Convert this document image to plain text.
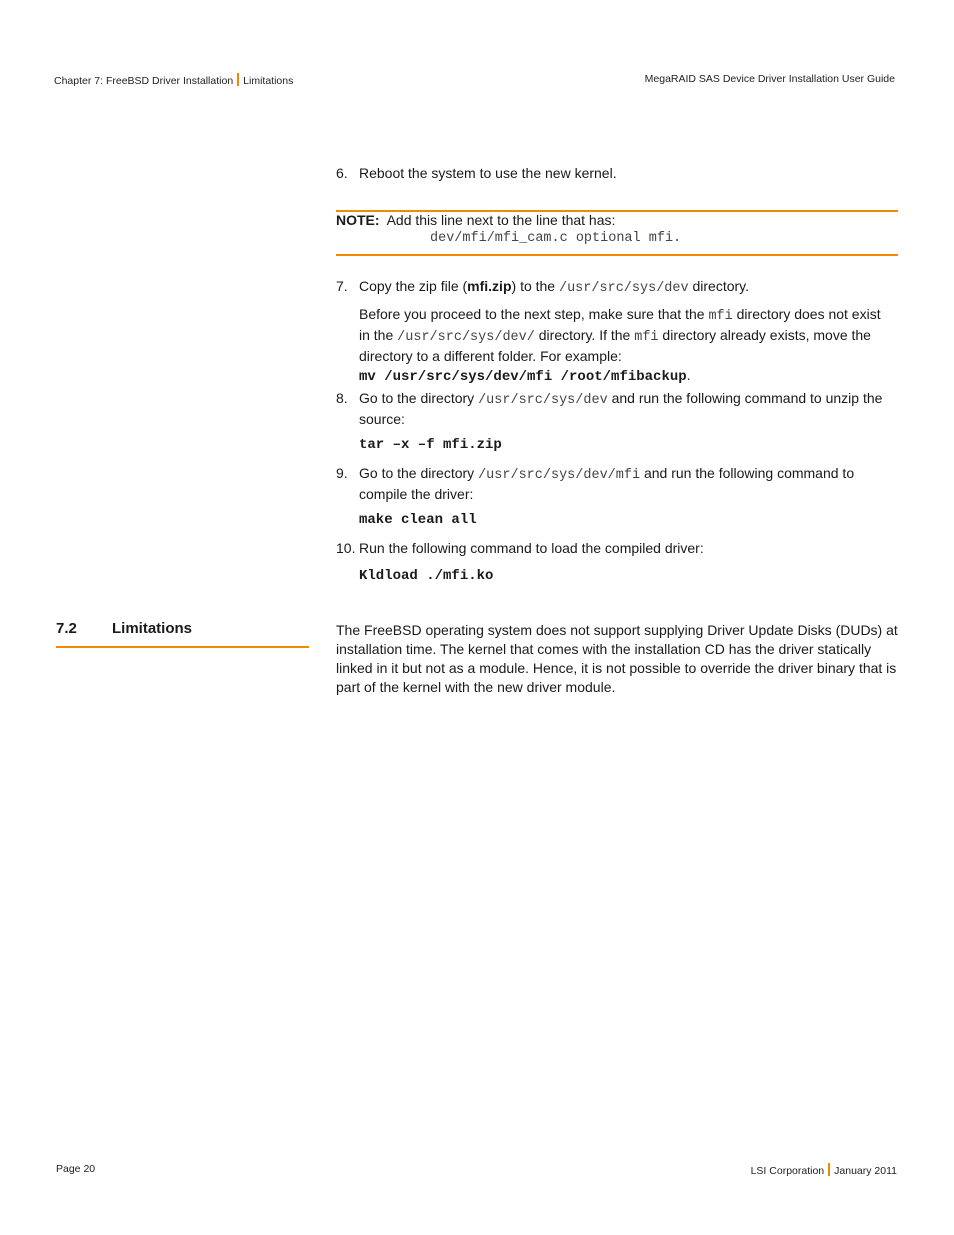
Chapter 7: FreeBSD Driver Installation Limitations	MegaRAID SAS Device Driver Installation User Guide
6. Reboot the system to use the new kernel.
NOTE: Add this line next to the line that has:
dev/mfi/mfi_cam.c optional mfi.
7. Copy the zip file (mfi.zip) to the /usr/src/sys/dev directory.
Before you proceed to the next step, make sure that the mfi directory does not exist in the /usr/src/sys/dev/ directory. If the mfi directory already exists, move the directory to a different folder. For example:
mv /usr/src/sys/dev/mfi /root/mfibackup.
8. Go to the directory /usr/src/sys/dev and run the following command to unzip the source:
tar –x –f mfi.zip
9. Go to the directory /usr/src/sys/dev/mfi and run the following command to compile the driver:
make clean all
10. Run the following command to load the compiled driver:
Kldload ./mfi.ko
7.2 Limitations	The FreeBSD operating system does not support supplying Driver Update Disks (DUDs) at installation time. The kernel that comes with the installation CD has the driver statically linked in it but not as a module. Hence, it is not possible to override the driver binary that is part of the kernel with the new driver module.
Page 20	LSI Corporation January 2011
